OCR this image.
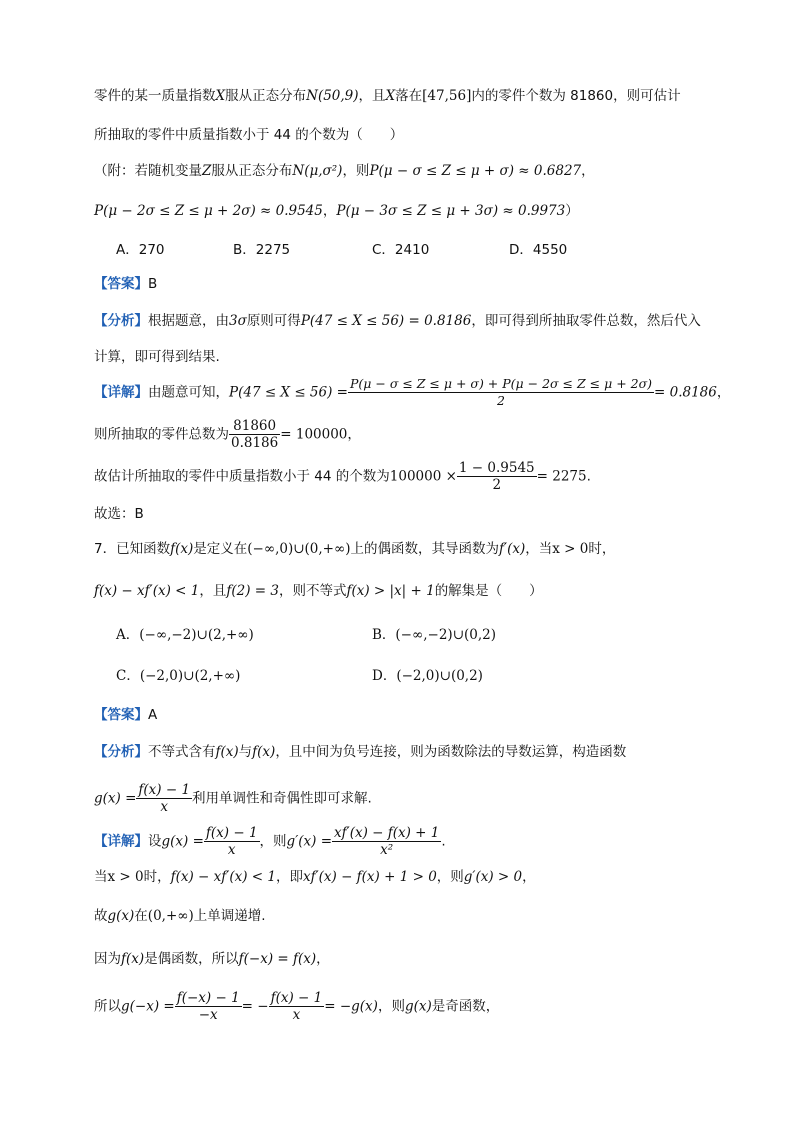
零件的某一质量指数X服从正态分布N(50,9)，且X落在[47,56]内的零件个数为 81860，则可估计
所抽取的零件中质量指数小于 44 的个数为（　　）
（附：若随机变量Z服从正态分布N(μ,σ²)，则P(μ − σ ≤ Z ≤ μ + σ) ≈ 0.6827，
P(μ − 2σ ≤ Z ≤ μ + 2σ) ≈ 0.9545，P(μ − 3σ ≤ Z ≤ μ + 3σ) ≈ 0.9973）
A．270	B．2275	C．2410	D．4550
【答案】B
【分析】根据题意，由3σ原则可得P(47 ≤ X ≤ 56) = 0.8186，即可得到所抽取零件总数，然后代入
计算，即可得到结果.
【详解】由题意可知，$P(47 \le X \le 56) = \frac{P(\mu - \sigma \le Z \le \mu + \sigma) + P(\mu - 2\sigma \le Z \le \mu + 2\sigma)}{2} = 0.8186$，
则所抽取的零件总数为 $\frac{81860}{0.8186} = 100000$，
故估计所抽取的零件中质量指数小于 44 的个数为$100000 \times \frac{1 - 0.9545}{2} = 2275$.
故选：B
7．已知函数f(x)是定义在(−∞,0)∪(0,+∞)上的偶函数，其导函数为f′(x)，当x > 0时，
f(x) − xf′(x) < 1，且f(2) = 3，则不等式f(x) > |x| + 1的解集是（　　）
A．(−∞,−2)∪(2,+∞)	B．(−∞,−2)∪(0,2)
C．(−2,0)∪(2,+∞)	D．(−2,0)∪(0,2)
【答案】A
【分析】不等式含有f(x)与f(x)，且中间为负号连接，则为函数除法的导数运算，构造函数
$g(x) = \frac{f(x) - 1}{x}$ 利用单调性和奇偶性即可求解.
【详解】设$g(x) = \frac{f(x) - 1}{x}$ ，则$g'(x) = \frac{xf'(x) - f(x) + 1}{\text{x²}}$ .
当x > 0时，f(x) − xf′(x) < 1，即xf′(x) − f(x) + 1 > 0，则g′(x) > 0，
故g(x)在(0,+∞)上单调递增.
因为f(x)是偶函数，所以f(−x) = f(x)，
所以$g(-x) = \frac{f(-x) - 1}{-x}$ = − $\frac{f(x) - 1}{x} = -g(x)$，则g(x)是奇函数，
